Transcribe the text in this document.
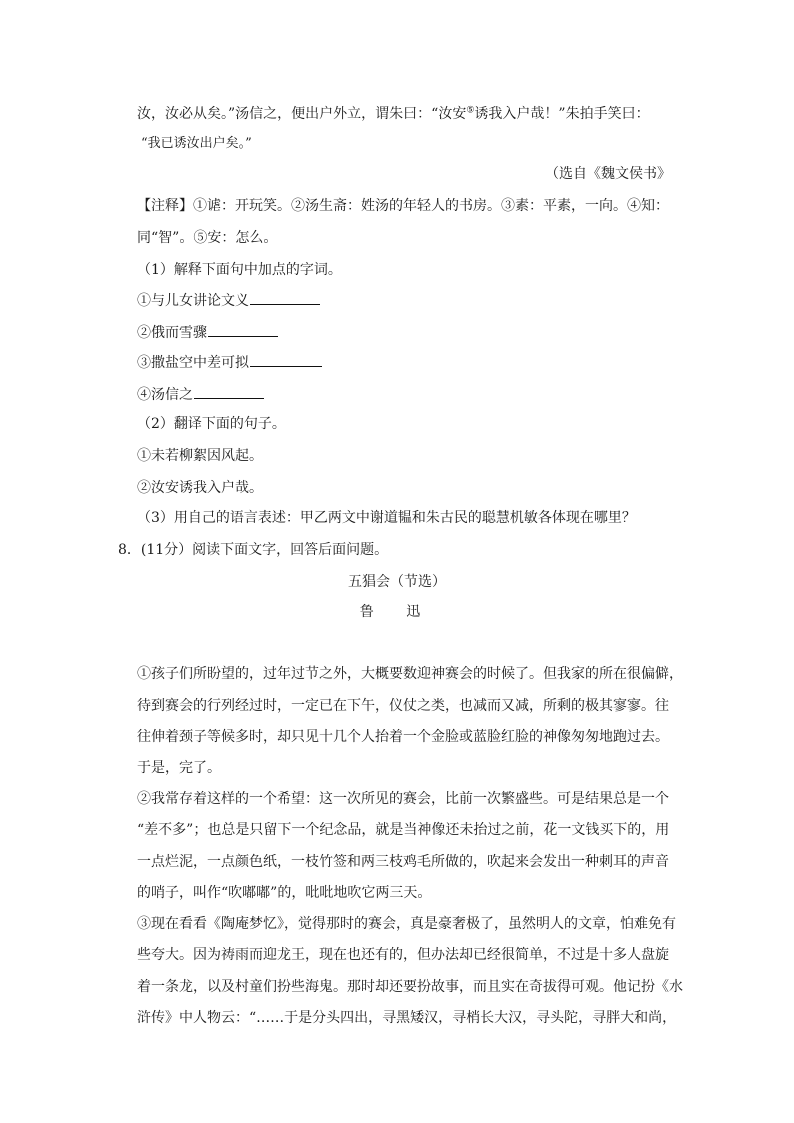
汝，汝必从矣。”汤信之，便出户外立，谓朱曰：“汝安⑤诱我入户哉！”朱拍手笑曰：
“我已诱汝出户矣。”
（选自《魏文侯书》
【注释】①谑：开玩笑。②汤生斋：姓汤的年轻人的书房。③素：平素，一向。④知：
同“智”。⑤安：怎么。
（1）解释下面句中加点的字词。
①与儿女讲论文义
②俄而雪骤
③撒盐空中差可拟
④汤信之
（2）翻译下面的句子。
①未若柳絮因风起。
②汝安诱我入户哉。
（3）用自己的语言表述：甲乙两文中谢道韫和朱古民的聪慧机敏各体现在哪里？
8．(11分）阅读下面文字，回答后面问题。
五猖会（节选）
鲁 迅
①孩子们所盼望的，过年过节之外，大概要数迎神赛会的时候了。但我家的所在很偏僻，
待到赛会的行列经过时，一定已在下午，仪仗之类，也减而又减，所剩的极其寥寥。往
往伸着颈子等候多时，却只见十几个人抬着一个金脸或蓝脸红脸的神像匆匆地跑过去。
于是，完了。
②我常存着这样的一个希望：这一次所见的赛会，比前一次繁盛些。可是结果总是一个
“差不多”；也总是只留下一个纪念品，就是当神像还未抬过之前，花一文钱买下的，用
一点烂泥，一点颜色纸，一枝竹签和两三枝鸡毛所做的，吹起来会发出一种刺耳的声音
的哨子，叫作“吹嘟嘟”的，吡吡地吹它两三天。
③现在看看《陶庵梦忆》，觉得那时的赛会，真是豪奢极了，虽然明人的文章，怕难免有
些夸大。因为祷雨而迎龙王，现在也还有的，但办法却已经很简单，不过是十多人盘旋
着一条龙，以及村童们扮些海鬼。那时却还要扮故事，而且实在奇拔得可观。他记扮《水
浒传》中人物云：“……于是分头四出，寻黑矮汉，寻梢长大汉，寻头陀，寻胖大和尚，
